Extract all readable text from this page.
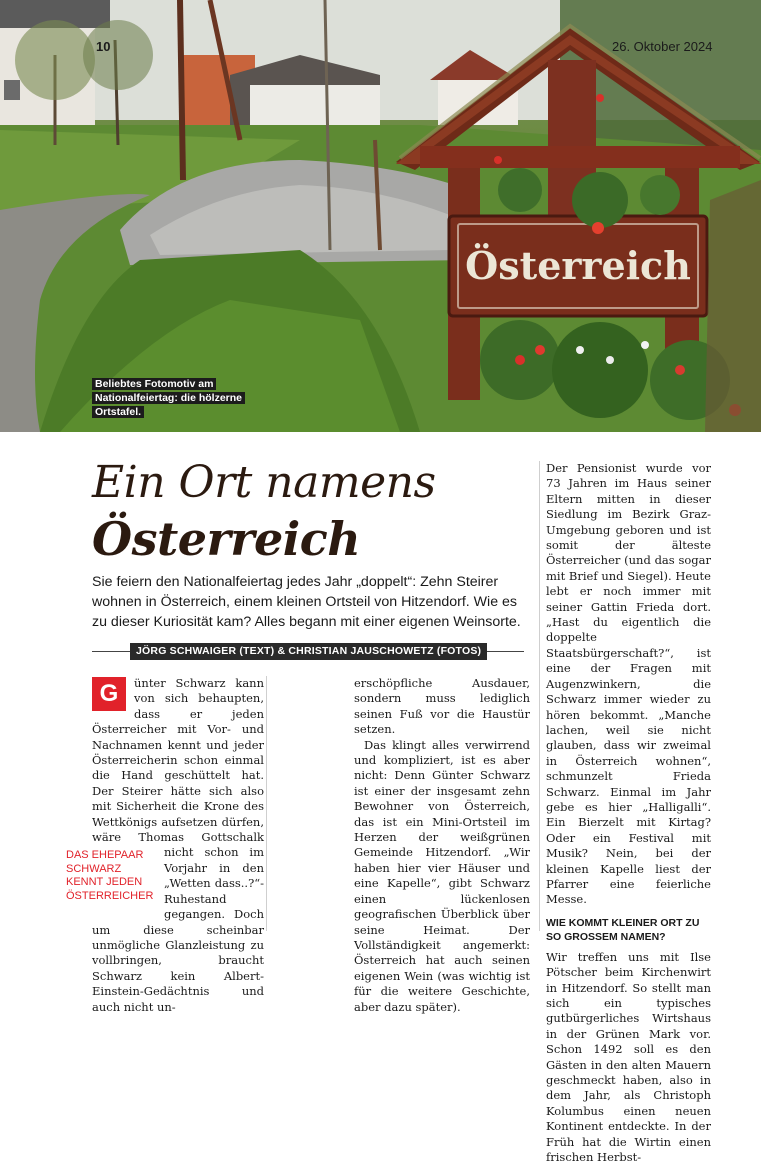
10	26. Oktober 2024
Österreich
Beliebtes Fotomotiv am Nationalfeiertag: die hölzerne Ortstafel.
Ein Ort namens
Österreich
Sie feiern den Nationalfeiertag jedes Jahr „doppelt“: Zehn Steirer wohnen in Österreich, einem kleinen Ortsteil von Hitzendorf. Wie es zu dieser Kuriosität kam? Alles begann mit einer eigenen Weinsorte.
JÖRG SCHWAIGER (TEXT) & CHRISTIAN JAUSCHOWETZ (FOTOS)

G	ünter Schwarz kann von sich behaupten, dass er jeden Österreicher mit Vor- und Nachnamen kennt und jeder Österreicherin schon einmal die Hand geschüttelt hat. Der Steirer hätte sich also mit Sicherheit die Krone des Wettkönigs aufsetzen dürfen, wäre Thomas Gottschalk
DAS EHEPAAR SCHWARZ KENNT JEDEN ÖSTERREICHER
nicht schon im Vorjahr in den „Wetten dass..?“-Ruhestand gegangen. Doch um diese scheinbar unmögliche Glanzleistung zu vollbringen, braucht Schwarz kein Albert-Einstein-Gedächtnis und auch nicht un-

erschöpfliche Ausdauer, sondern muss lediglich seinen Fuß vor die Haustür setzen.

Das klingt alles verwirrend und kompliziert, ist es aber nicht: Denn Günter Schwarz ist einer der insgesamt zehn Bewohner von Österreich, das ist ein Mini-Ortsteil im Herzen der weißgrünen Gemeinde Hitzendorf. „Wir haben hier vier Häuser und eine Kapelle“, gibt Schwarz einen lückenlosen geografischen Überblick über seine Heimat. Der Vollständigkeit angemerkt: Österreich hat auch seinen eigenen Wein (was wichtig ist für die weitere Geschichte, aber dazu später).

Der Pensionist wurde vor 73 Jahren im Haus seiner Eltern mitten in dieser Siedlung im Bezirk Graz-Umgebung geboren und ist somit der älteste Österreicher (und das sogar mit Brief und Siegel). Heute lebt er noch immer mit seiner Gattin Frieda dort. „Hast du eigentlich die doppelte Staatsbürgerschaft?“, ist eine der Fragen mit Augenzwinkern, die Schwarz immer wieder zu hören bekommt. „Manche lachen, weil sie nicht glauben, dass wir zweimal in Österreich wohnen“, schmunzelt Frieda Schwarz. Einmal im Jahr gebe es hier „Halligalli“. Ein Bierzelt mit Kirtag? Oder ein Festival mit Musik? Nein, bei der kleinen Kapelle liest der Pfarrer eine feierliche Messe.

WIE KOMMT KLEINER ORT ZU SO GROSSEM NAMEN?

Wir treffen uns mit Ilse Pötscher beim Kirchenwirt in Hitzendorf. So stellt man sich ein typisches gutbürgerliches Wirtshaus in der Grünen Mark vor. Schon 1492 soll es den Gästen in den alten Mauern geschmeckt haben, also in dem Jahr, als Christoph Kolumbus einen neuen Kontinent entdeckte. In der Früh hat die Wirtin einen frischen Herbst-
